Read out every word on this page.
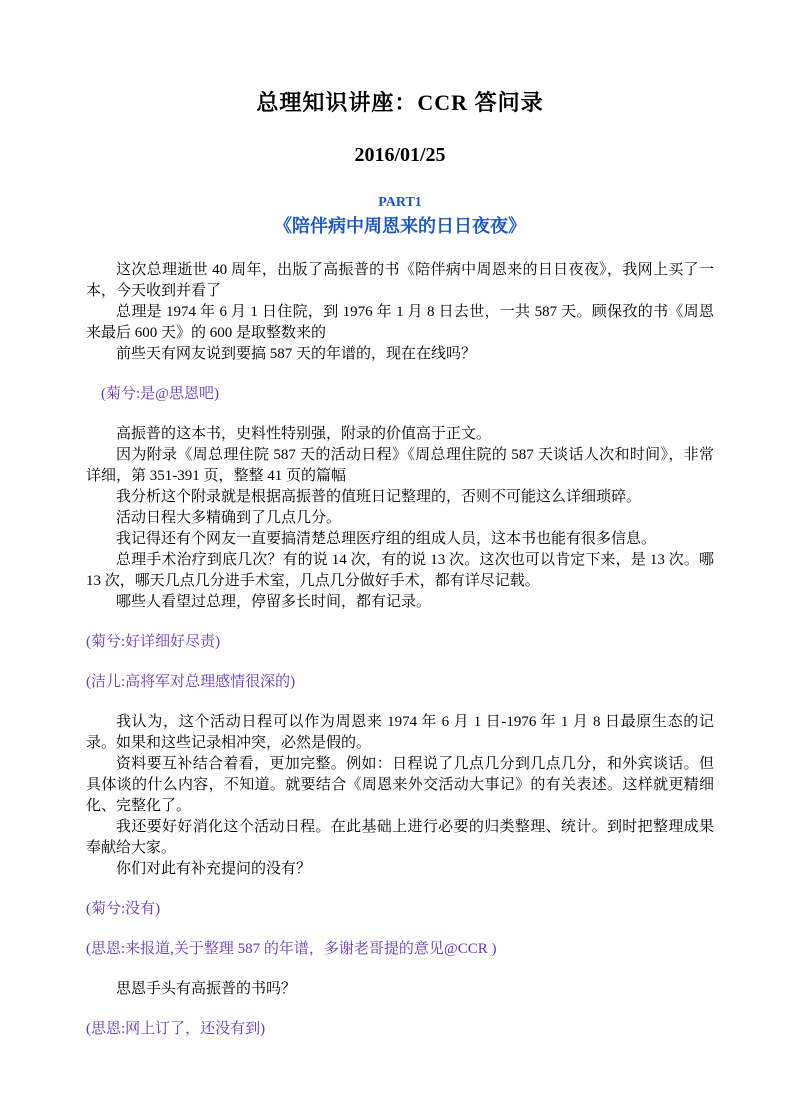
总理知识讲座：CCR 答问录

2016/01/25

PART1

《陪伴病中周恩来的日日夜夜》

这次总理逝世 40 周年，出版了高振普的书《陪伴病中周恩来的日日夜夜》，我网上买了一本，今天收到并看了

总理是 1974 年 6 月 1 日住院，到 1976 年 1 月 8 日去世，一共 587 天。顾保孜的书《周恩来最后 600 天》的 600 是取整数来的

前些天有网友说到要搞 587 天的年谱的，现在在线吗？

(菊兮:是@思恩吧)

高振普的这本书，史料性特别强，附录的价值高于正文。

因为附录《周总理住院 587 天的活动日程》《周总理住院的 587 天谈话人次和时间》，非常详细，第 351-391 页，整整 41 页的篇幅

我分析这个附录就是根据高振普的值班日记整理的，否则不可能这么详细琐碎。

活动日程大多精确到了几点几分。

我记得还有个网友一直要搞清楚总理医疗组的组成人员，这本书也能有很多信息。

总理手术治疗到底几次？有的说 14 次，有的说 13 次。这次也可以肯定下来，是 13 次。哪 13 次，哪天几点几分进手术室，几点几分做好手术，都有详尽记载。

哪些人看望过总理，停留多长时间，都有记录。

(菊兮:好详细好尽责)

(洁儿:高将军对总理感情很深的)

我认为，这个活动日程可以作为周恩来 1974 年 6 月 1 日-1976 年 1 月 8 日最原生态的记录。如果和这些记录相冲突，必然是假的。

资料要互补结合着看，更加完整。例如：日程说了几点几分到几点几分，和外宾谈话。但具体谈的什么内容，不知道。就要结合《周恩来外交活动大事记》的有关表述。这样就更精细化、完整化了。

我还要好好消化这个活动日程。在此基础上进行必要的归类整理、统计。到时把整理成果奉献给大家。

你们对此有补充提问的没有？

(菊兮:没有)

(思恩:来报道,关于整理 587 的年谱，多谢老哥提的意见@CCR )

思恩手头有高振普的书吗？

(思恩:网上订了，还没有到)
